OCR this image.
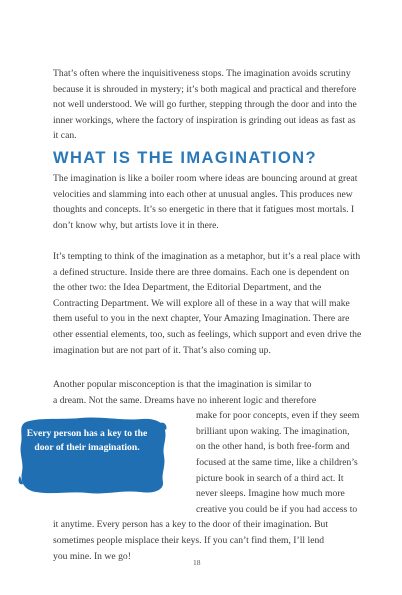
That’s often where the inquisitiveness stops. The imagination avoids scrutiny because it is shrouded in mystery; it’s both magical and practical and therefore not well understood. We will go further, stepping through the door and into the inner workings, where the factory of inspiration is grinding out ideas as fast as it can.

WHAT IS THE IMAGINATION?

The imagination is like a boiler room where ideas are bouncing around at great velocities and slamming into each other at unusual angles. This produces new thoughts and concepts. It’s so energetic in there that it fatigues most mortals. I don’t know why, but artists love it in there.

It’s tempting to think of the imagination as a metaphor, but it’s a real place with a defined structure. Inside there are three domains. Each one is dependent on the other two: the Idea Department, the Editorial Department, and the Contracting Department. We will explore all of these in a way that will make them useful to you in the next chapter, Your Amazing Imagination. There are other essential elements, too, such as feelings, which support and even drive the imagination but are not part of it. That’s also coming up.

Another popular misconception is that the imagination is similar to
a dream. Not the same. Dreams have no inherent logic and therefore
make for poor concepts, even if they seem
brilliant upon waking. The imagination,
on the other hand, is both free-form and
focused at the same time, like a children’s
picture book in search of a third act. It
never sleeps. Imagine how much more
creative you could be if you had access to
it anytime. Every person has a key to the door of their imagination. But
sometimes people misplace their keys. If you can’t find them, I’ll lend
you mine. In we go!

Every person has a key to the door of their imagination.
18
